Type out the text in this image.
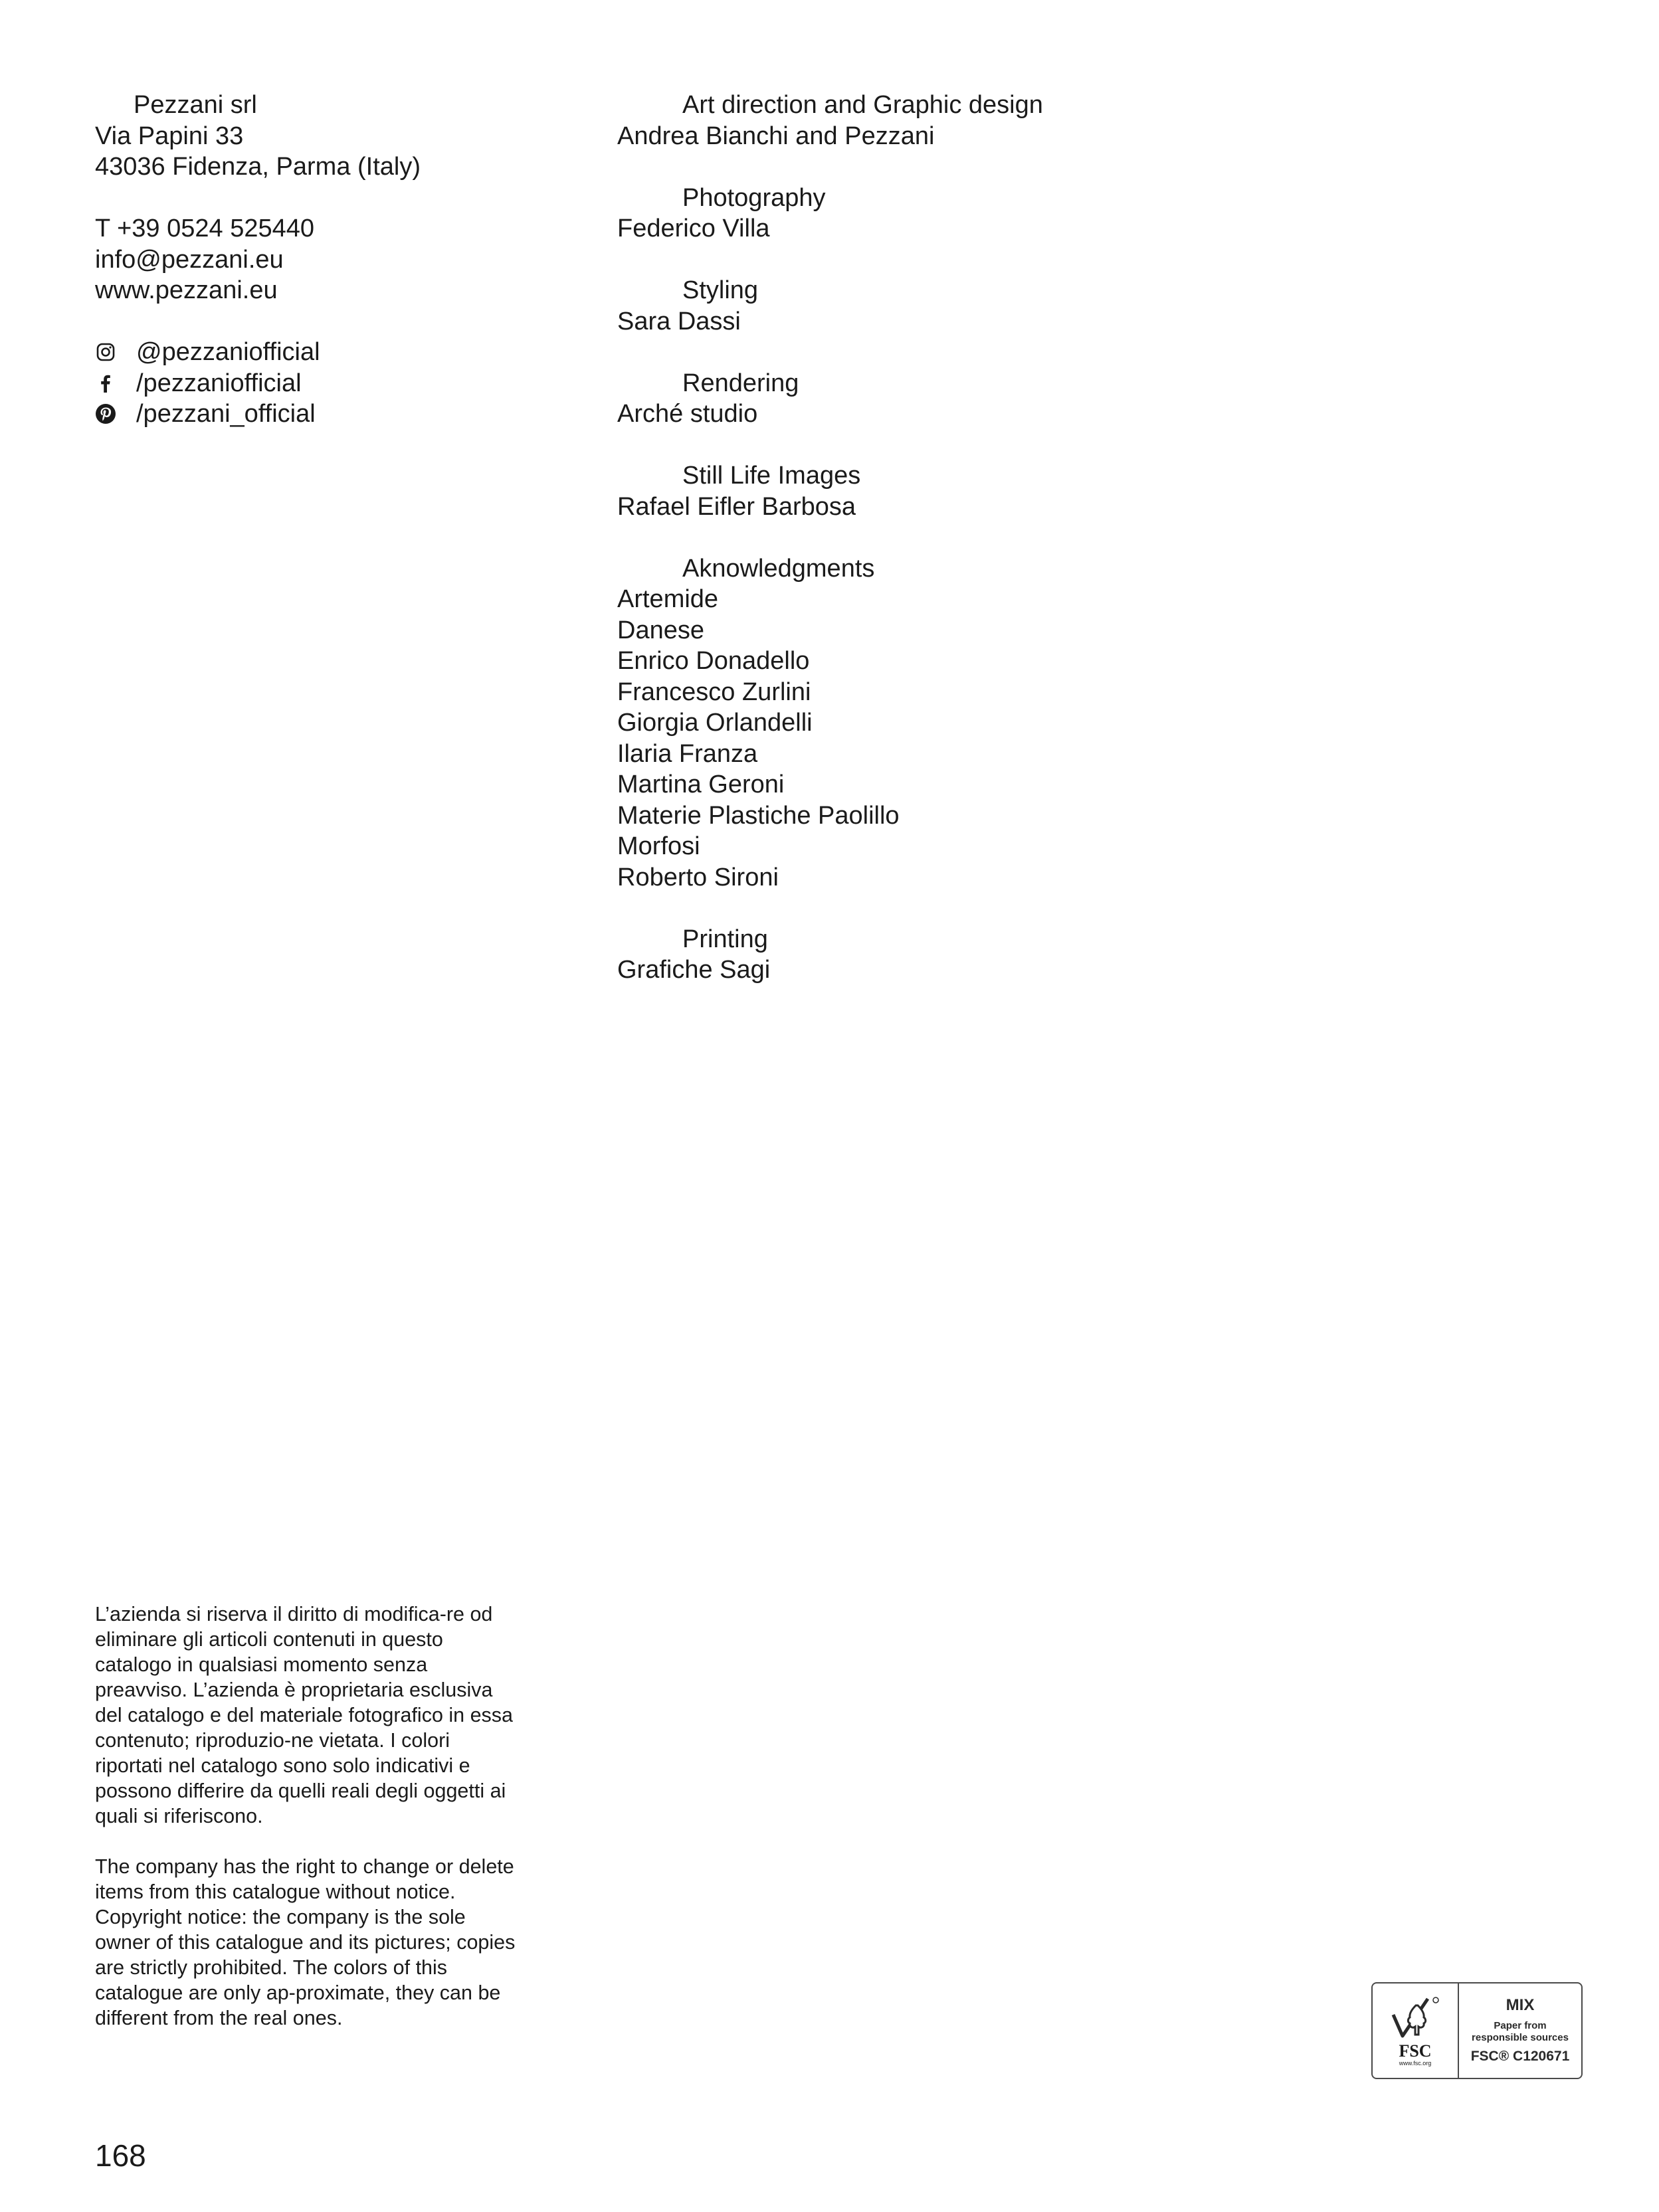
Pezzani srl
Via Papini 33
43036 Fidenza, Parma (Italy)
T +39 0524 525440
info@pezzani.eu
www.pezzani.eu
@pezzaniofficial
/pezzaniofficial
/pezzani_official
Art direction and Graphic design
Andrea Bianchi and Pezzani
Photography
Federico Villa
Styling
Sara Dassi
Rendering
Arché studio
Still Life Images
Rafael Eifler Barbosa
Aknowledgments
Artemide
Danese
Enrico Donadello
Francesco Zurlini
Giorgia Orlandelli
Ilaria Franza
Martina Geroni
Materie Plastiche Paolillo
Morfosi
Roberto Sironi
Printing
Grafiche Sagi

L’azienda si riserva il diritto di modifica-re od eliminare gli articoli contenuti in questo catalogo in qualsiasi momento senza preavviso. L’azienda è proprietaria esclusiva del catalogo e del materiale fotografico in essa contenuto; riproduzio-ne vietata. I colori riportati nel catalogo sono solo indicativi e possono differire da quelli reali degli oggetti ai quali si riferiscono.

The company has the right to change or delete items from this catalogue without notice. Copyright notice: the company is the sole owner of this catalogue and its pictures; copies are strictly prohibited. The colors of this catalogue are only ap-proximate, they can be different from the real ones.

168
FSC
www.fsc.org
MIX
Paper from
responsible sources
FSC® C120671
